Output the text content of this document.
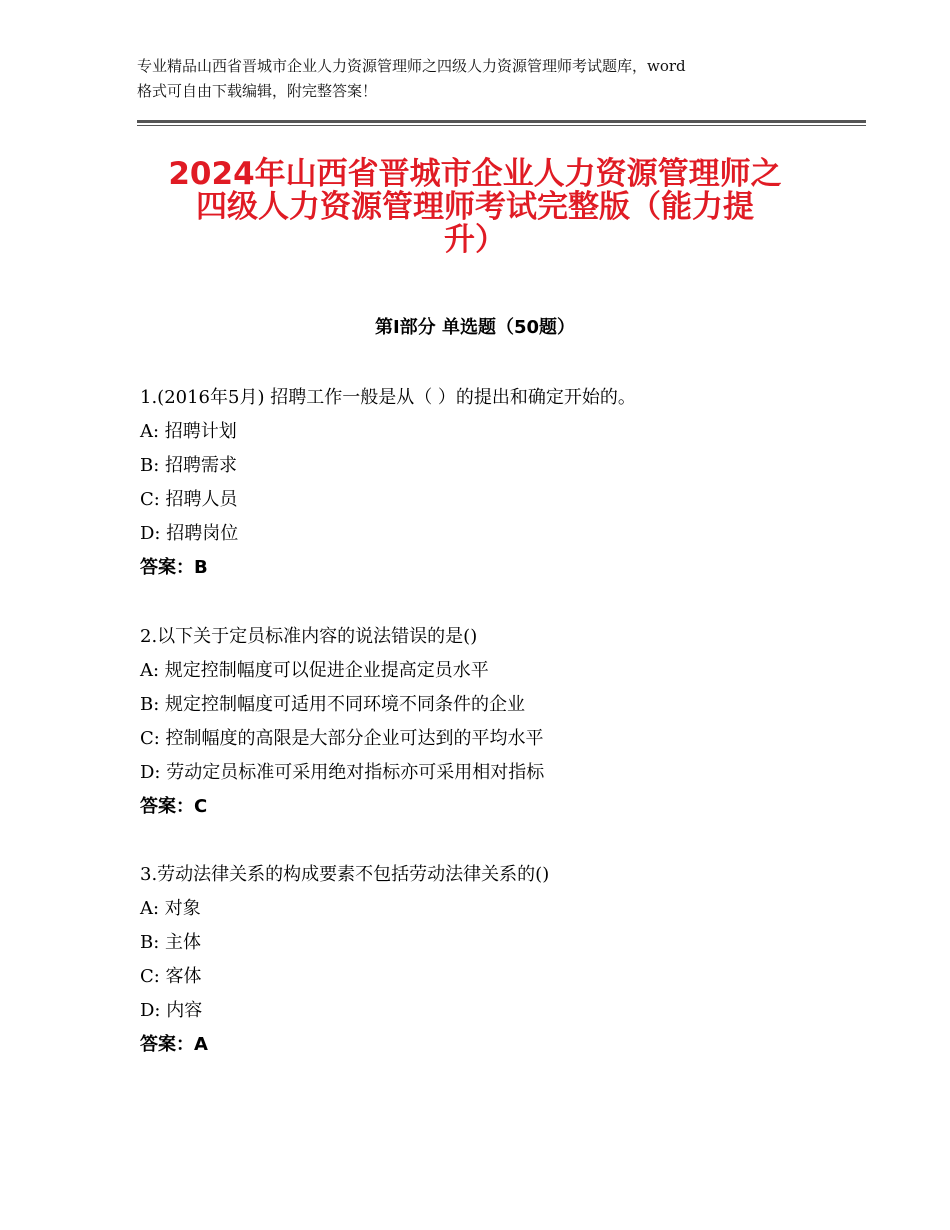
专业精品山西省晋城市企业人力资源管理师之四级人力资源管理师考试题库，word
格式可自由下载编辑，附完整答案！
2024年山西省晋城市企业人力资源管理师之
四级人力资源管理师考试完整版（能力提
升）
第Ⅰ部分 单选题（50题）
1.(2016年5月) 招聘工作一般是从（ ）的提出和确定开始的。
A: 招聘计划
B: 招聘需求
C: 招聘人员
D: 招聘岗位
答案：B
2.以下关于定员标准内容的说法错误的是()
A: 规定控制幅度可以促进企业提高定员水平
B: 规定控制幅度可适用不同环境不同条件的企业
C: 控制幅度的高限是大部分企业可达到的平均水平
D: 劳动定员标准可采用绝对指标亦可采用相对指标
答案：C
3.劳动法律关系的构成要素不包括劳动法律关系的()
A: 对象
B: 主体
C: 客体
D: 内容
答案：A
